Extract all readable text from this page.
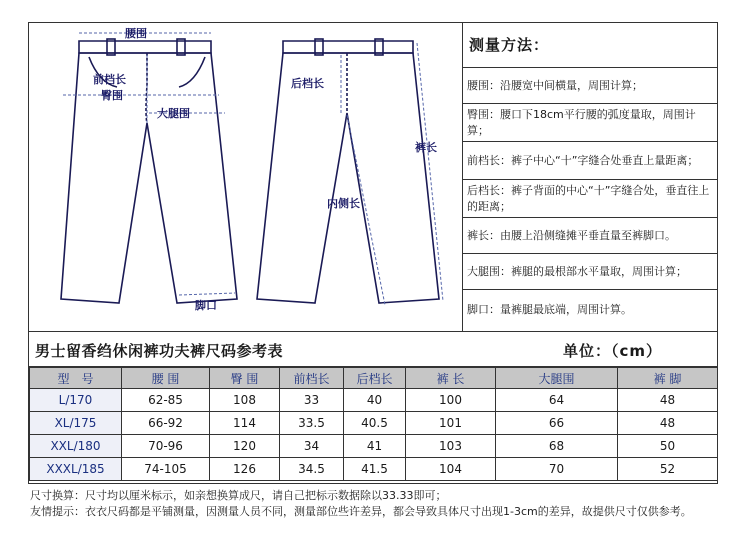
腰围
前档长
臀围
大腿围
脚口
后档长
内侧长
裤长
测量方法：
腰围：沿腰宽中间横量，周围计算；
臀围：腰口下18cm平行腰的弧度量取，周围计算；
前档长：裤子中心“十”字缝合处垂直上量距离；
后档长：裤子背面的中心“十”字缝合处，垂直往上的距离；
裤长：由腰上沿侧缝摊平垂直量至裤脚口。
大腿围：裤腿的最根部水平量取，周围计算；
脚口：量裤腿最底端，周围计算。
男士留香绉休闲裤功夫裤尺码参考表	单位：（cm）
型　号	腰 围	臀 围	前档长	后档长	裤 长	大腿围	裤 脚
L/170	62-85	108	33	40	100	64	48
XL/175	66-92	114	33.5	40.5	101	66	48
XXL/180	70-96	120	34	41	103	68	50
XXXL/185	74-105	126	34.5	41.5	104	70	52

尺寸换算：尺寸均以厘米标示，如亲想换算成尺，请自己把标示数据除以33.33即可；

友情提示：衣衣尺码都是平铺测量，因测量人员不同，测量部位些许差异，都会导致具体尺寸出现1-3cm的差异，故提供尺寸仅供参考。
